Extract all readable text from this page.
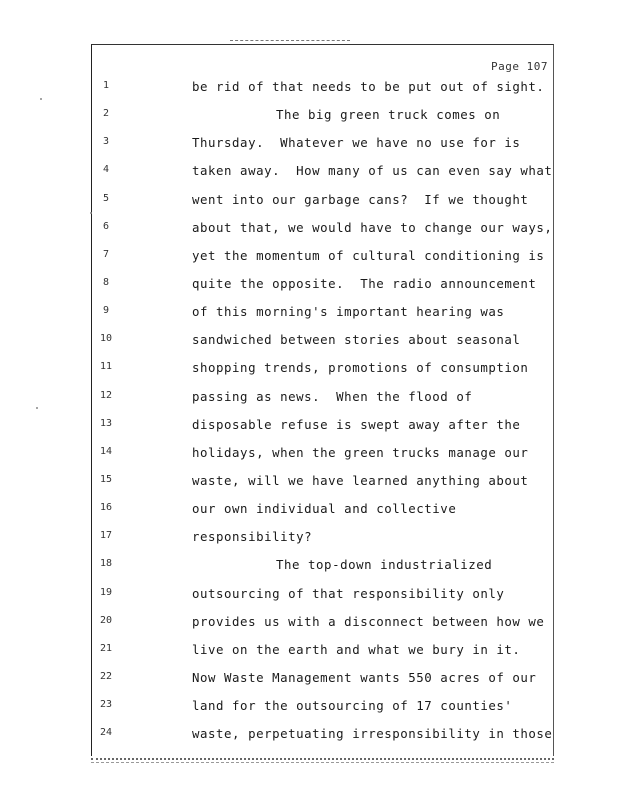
Page 107
1
2
3
4
5
6
7
8
9
10
11
12
13
14
15
16
17
18
19
20
21
22
23
24
be rid of that needs to be put out of sight.
The big green truck comes on
Thursday.  Whatever we have no use for is
taken away.  How many of us can even say what
went into our garbage cans?  If we thought
about that, we would have to change our ways,
yet the momentum of cultural conditioning is
quite the opposite.  The radio announcement
of this morning's important hearing was
sandwiched between stories about seasonal
shopping trends, promotions of consumption
passing as news.  When the flood of
disposable refuse is swept away after the
holidays, when the green trucks manage our
waste, will we have learned anything about
our own individual and collective
responsibility?
The top-down industrialized
outsourcing of that responsibility only
provides us with a disconnect between how we
live on the earth and what we bury in it.
Now Waste Management wants 550 acres of our
land for the outsourcing of 17 counties'
waste, perpetuating irresponsibility in those
